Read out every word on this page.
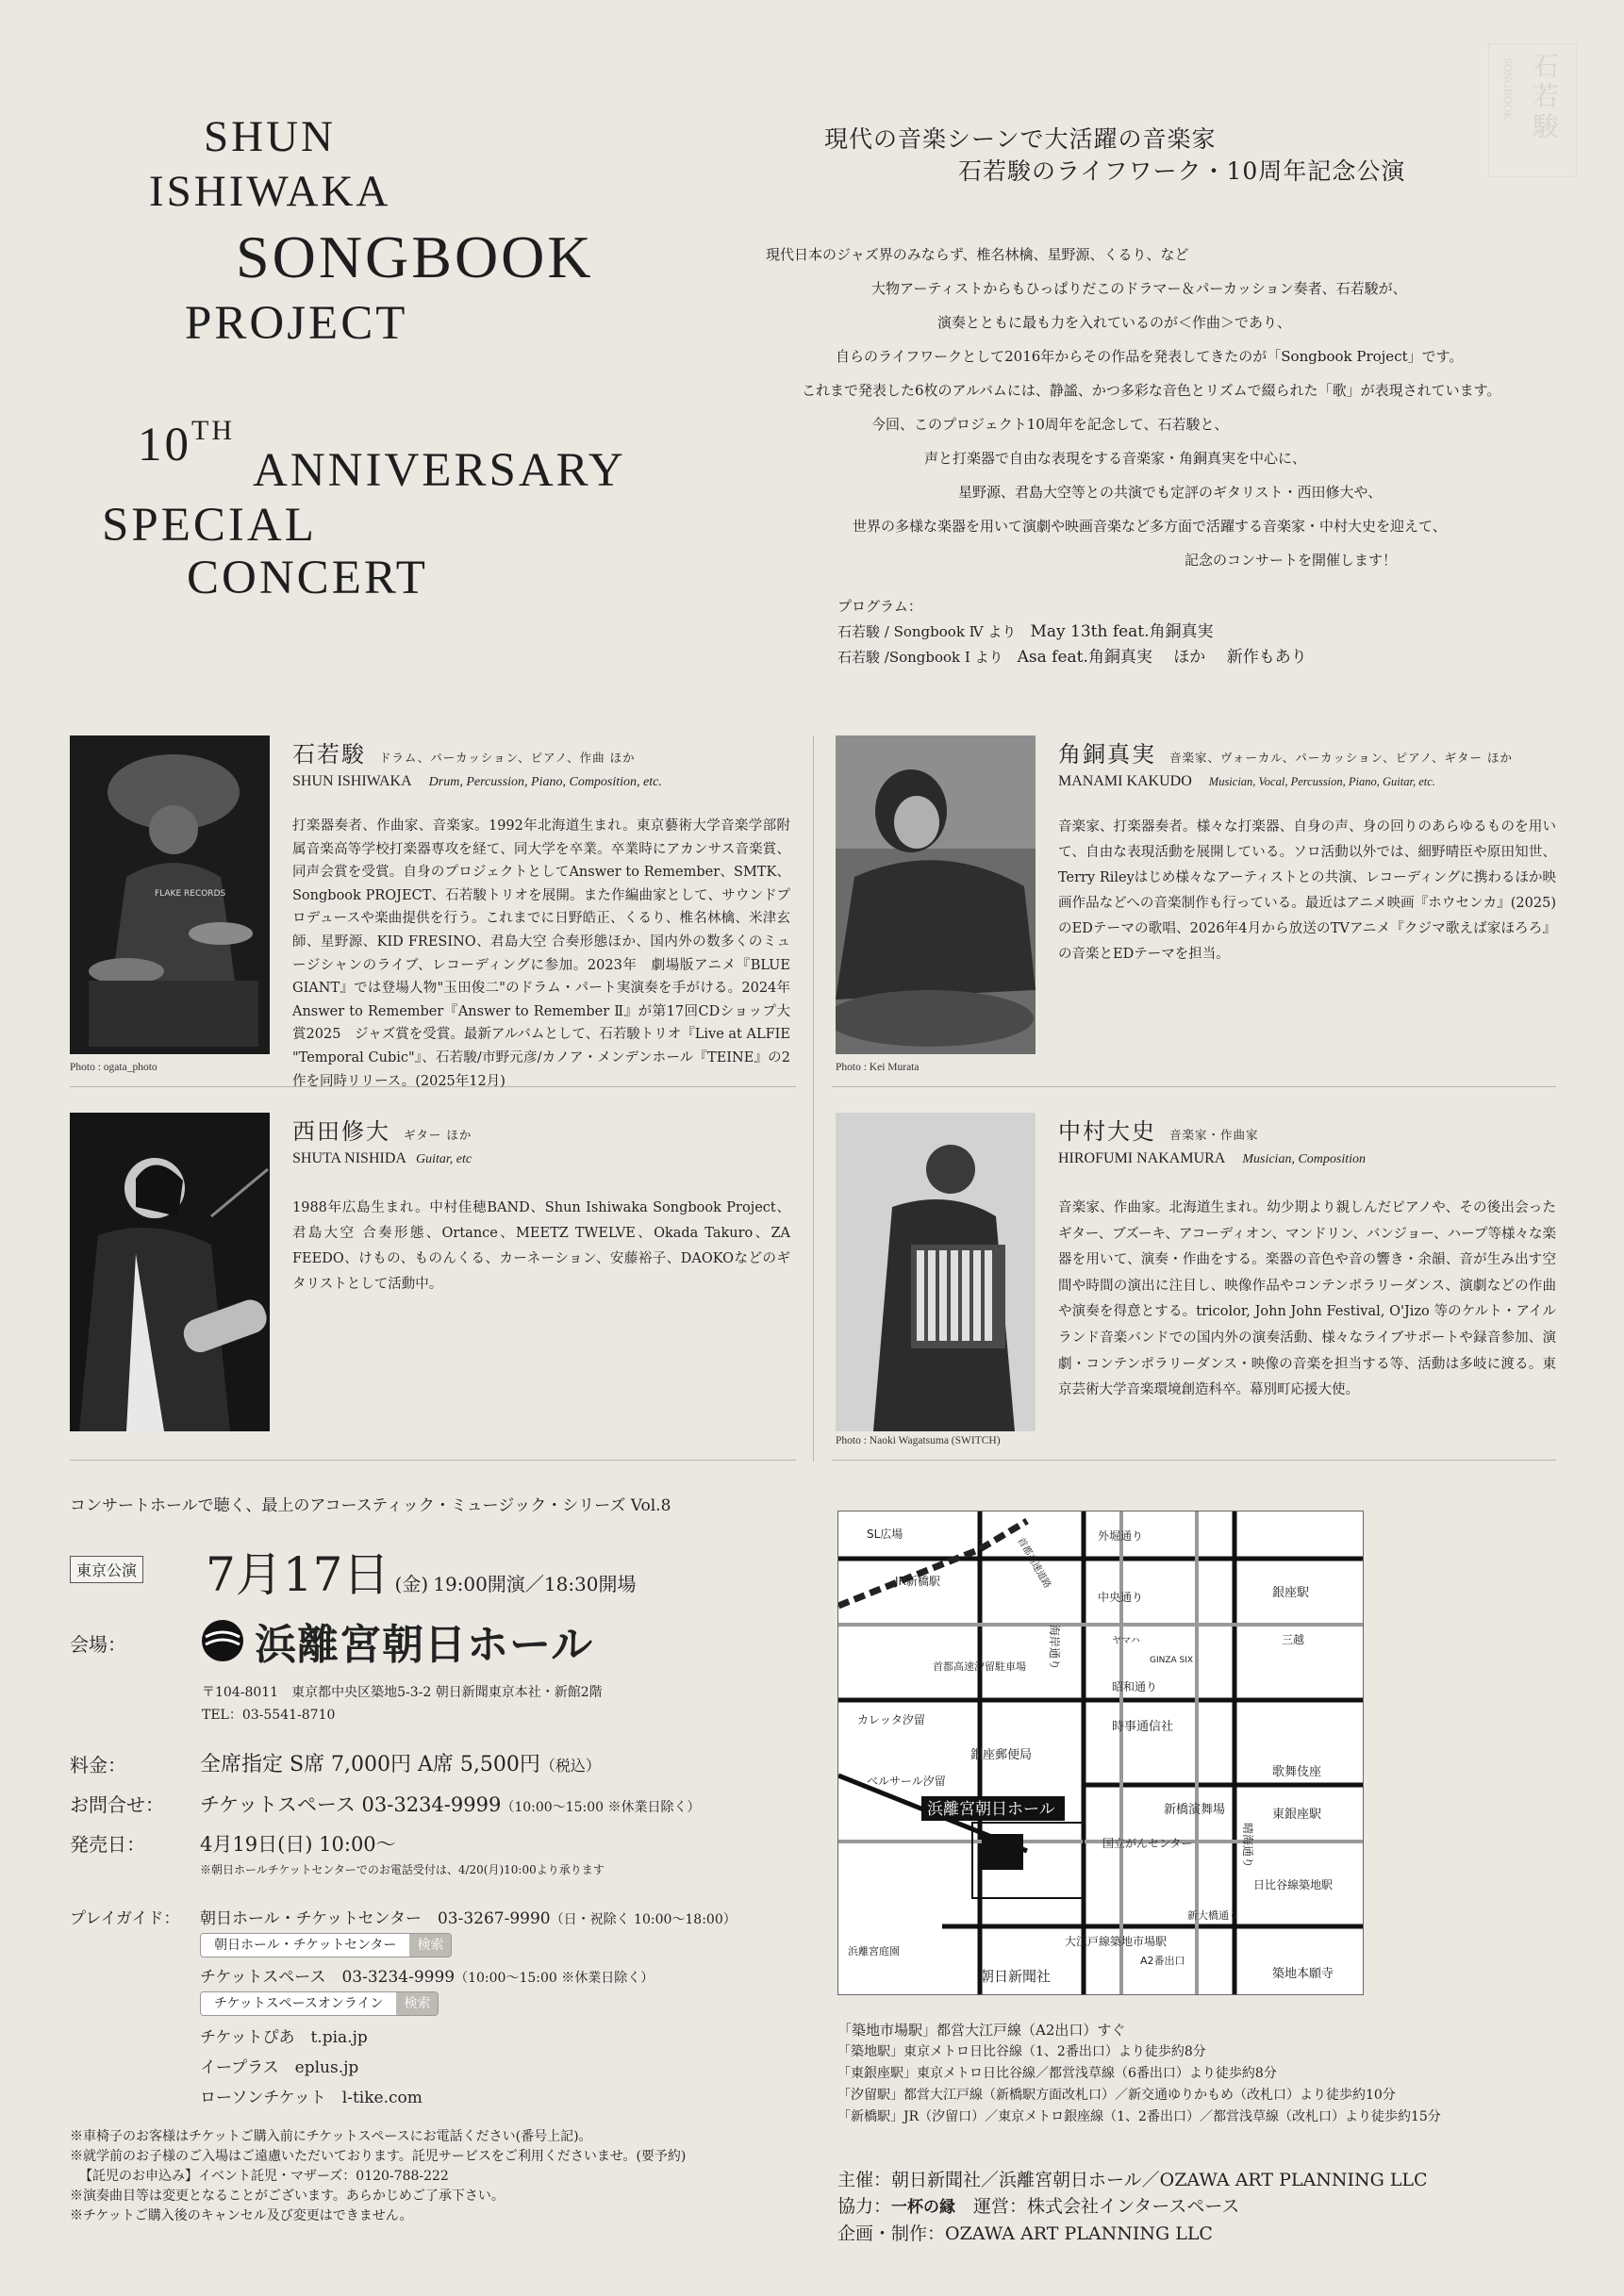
石若駿
SONGBOOK
SHUN
ISHIWAKA
SONGBOOK
PROJECT
10TH
ANNIVERSARY
SPECIAL
CONCERT
現代の音楽シーンで大活躍の音楽家
石若駿のライフワーク・10周年記念公演

現代日本のジャズ界のみならず、椎名林檎、星野源、くるり、など

大物アーティストからもひっぱりだこのドラマー＆パーカッション奏者、石若駿が、

演奏とともに最も力を入れているのが＜作曲＞であり、

自らのライフワークとして2016年からその作品を発表してきたのが「Songbook Project」です。

これまで発表した6枚のアルバムには、静謐、かつ多彩な音色とリズムで綴られた「歌」が表現されています。

今回、このプロジェクト10周年を記念して、石若駿と、

声と打楽器で自由な表現をする音楽家・角銅真実を中心に、

星野源、君島大空等との共演でも定評のギタリスト・西田修大や、

世界の多様な楽器を用いて演劇や映画音楽など多方面で活躍する音楽家・中村大史を迎えて、

記念のコンサートを開催します！

プログラム：
石若駿 / Songbook Ⅳ より　 May 13th feat.角銅真実
石若駿 /Songbook Ⅰ より　 Asa feat.角銅真実　 ほか　 新作もあり
FLAKE RECORDS
Photo : ogata_photo
石若駿 ドラム、パーカッション、ピアノ、作曲 ほか
SHUN ISHIWAKA Drum, Percussion, Piano, Composition, etc.
打楽器奏者、作曲家、音楽家。1992年北海道生まれ。東京藝術大学音楽学部附属音楽高等学校打楽器専攻を経て、同大学を卒業。卒業時にアカンサス音楽賞、同声会賞を受賞。自身のプロジェクトとしてAnswer to Remember、SMTK、Songbook PROJECT、石若駿トリオを展開。また作編曲家として、サウンドプロデュースや楽曲提供を行う。これまでに日野皓正、くるり、椎名林檎、米津玄師、星野源、KID FRESINO、君島大空 合奏形態ほか、国内外の数多くのミュージシャンのライブ、レコーディングに参加。2023年　劇場版アニメ『BLUE GIANT』では登場人物"玉田俊二"のドラム・パート実演奏を手がける。2024年 Answer to Remember『Answer to Remember Ⅱ』が第17回CDショップ大賞2025　ジャズ賞を受賞。最新アルバムとして、石若駿トリオ『Live at ALFIE "Temporal Cubic"』、石若駿/市野元彦/カノア・メンデンホール『TEINE』の2作を同時リリース。(2025年12月)
Photo : Kei Murata
角銅真実 音楽家、ヴォーカル、パーカッション、ピアノ、ギター ほか
MANAMI KAKUDO Musician, Vocal, Percussion, Piano, Guitar, etc.
音楽家、打楽器奏者。様々な打楽器、自身の声、身の回りのあらゆるものを用いて、自由な表現活動を展開している。ソロ活動以外では、細野晴臣や原田知世、Terry Rileyはじめ様々なアーティストとの共演、レコーディングに携わるほか映画作品などへの音楽制作も行っている。最近はアニメ映画『ホウセンカ』(2025)のEDテーマの歌唱、2026年4月から放送のTVアニメ『クジマ歌えば家ほろろ』の音楽とEDテーマを担当。
西田修大 ギター ほか
SHUTA NISHIDA Guitar, etc
1988年広島生まれ。中村佳穂BAND、Shun Ishiwaka Songbook Project、君島大空 合奏形態、Ortance、MEETZ TWELVE、Okada Takuro、ZA FEEDO、けもの、ものんくる、カーネーション、安藤裕子、DAOKOなどのギタリストとして活動中。
Photo : Naoki Wagatsuma (SWITCH)
中村大史 音楽家・作曲家
HIROFUMI NAKAMURA Musician, Composition
音楽家、作曲家。北海道生まれ。幼少期より親しんだピアノや、その後出会ったギター、ブズーキ、アコーディオン、マンドリン、バンジョー、ハープ等様々な楽器を用いて、演奏・作曲をする。楽器の音色や音の響き・余韻、音が生み出す空間や時間の演出に注目し、映像作品やコンテンポラリーダンス、演劇などの作曲や演奏を得意とする。tricolor, John John Festival, O'Jizo 等のケルト・アイルランド音楽バンドでの国内外の演奏活動、様々なライブサポートや録音参加、演劇・コンテンポラリーダンス・映像の音楽を担当する等、活動は多岐に渡る。東京芸術大学音楽環境創造科卒。幕別町応援大使。
コンサートホールで聴く、最上のアコースティック・ミュージック・シリーズ Vol.8
東京公演 7月17日 (金) 19:00開演／18:30開場
会場：	浜離宮朝日ホール
〒104-8011　東京都中央区築地5-3-2 朝日新聞東京本社・新館2階
TEL：03-5541-8710
料金：	全席指定 S席 7,000円 A席 5,500円（税込）
お問合せ： チケットスペース 03-3234-9999（10:00～15:00 ※休業日除く）
発売日：	4月19日(日) 10:00～
※朝日ホールチケットセンターでのお電話受付は、4/20(月)10:00より承ります
プレイガイド： 朝日ホール・チケットセンター　03-3267-9990（日・祝除く 10:00～18:00）
朝日ホール・チケットセンター	検索
チケットスペース　03-3234-9999（10:00～15:00 ※休業日除く）
チケットスペースオンライン	検索
チケットぴあ　t.pia.jp
イープラス　eplus.jp
ローソンチケット　l-tike.com

※車椅子のお客様はチケットご購入前にチケットスペースにお電話ください(番号上記)。

※就学前のお子様のご入場はご遠慮いただいております。託児サービスをご利用くださいませ。(要予約)

【託児のお申込み】イベント託児・マザーズ：0120-788-222

※演奏曲目等は変更となることがございます。あらかじめご了承下さい。

※チケットご購入後のキャンセル及び変更はできません。

浜離宮朝日ホール
SL広場
JR新橋駅
外堀通り
中央通り	銀座駅
三越
昭和通り
時事通信社
東銀座駅
歌舞伎座
銀座郵便局
カレッタ汐留
ベルサール汐留
首都高速汐留駐車場
新橋演舞場
国立がんセンター
日比谷線築地駅
大江戸線築地市場駅
A2番出口
新大橋通り
朝日新聞社
浜離宮庭園
築地本願寺
ヤマハ
GINZA SIX
海岸通り
晴海通り
首都高速道路

「築地市場駅」都営大江戸線（A2出口）すぐ

「築地駅」東京メトロ日比谷線（1、2番出口）より徒歩約8分

「東銀座駅」東京メトロ日比谷線／都営浅草線（6番出口）より徒歩約8分

「汐留駅」都営大江戸線（新橋駅方面改札口）／新交通ゆりかもめ（改札口）より徒歩約10分

「新橋駅」JR（汐留口）／東京メトロ銀座線（1、2番出口）／都営浅草線（改札口）より徒歩約15分

主催：朝日新聞社／浜離宮朝日ホール／OZAWA ART PLANNING LLC

協力：一杯の縁　 運営：株式会社インタースペース

企画・制作：OZAWA ART PLANNING LLC
